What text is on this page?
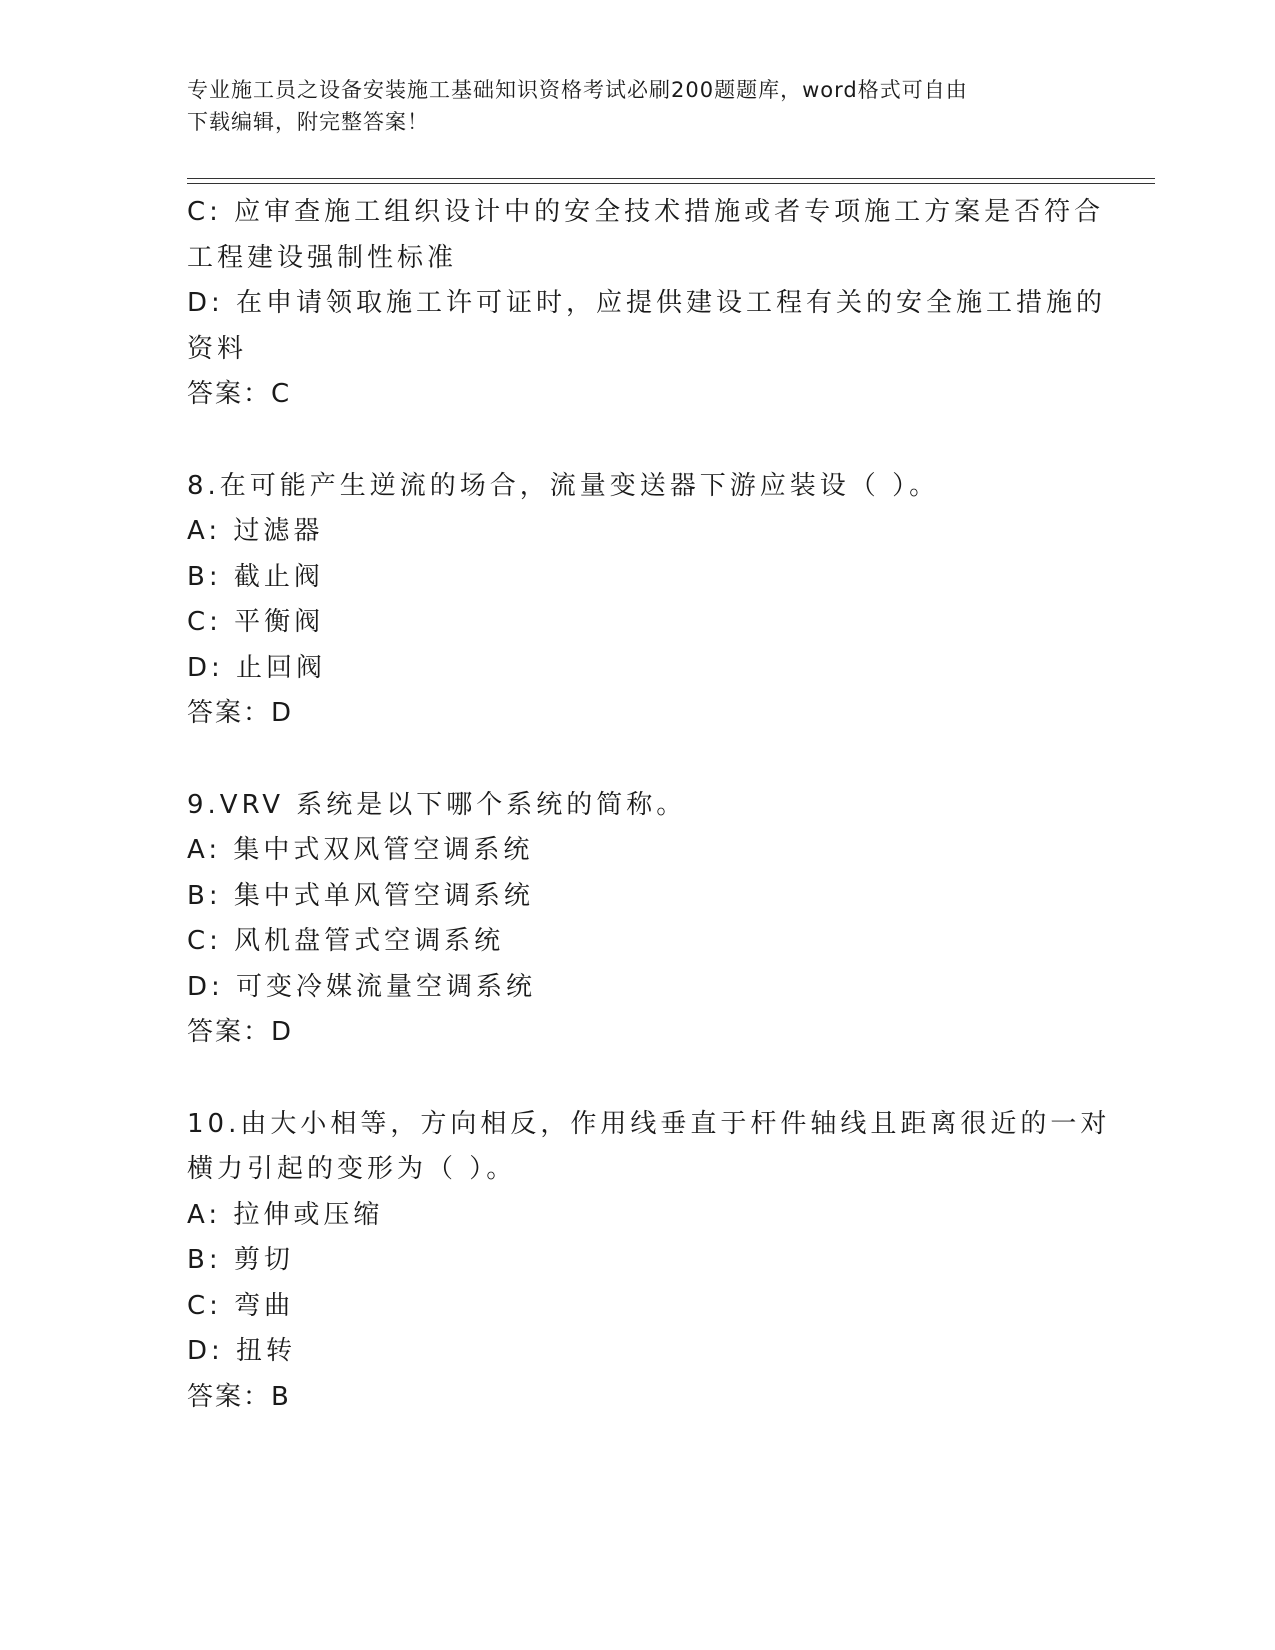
专业施工员之设备安装施工基础知识资格考试必刷200题题库，word格式可自由
下载编辑，附完整答案！
C: 应审查施工组织设计中的安全技术措施或者专项施工方案是否符合
工程建设强制性标准
D: 在申请领取施工许可证时，应提供建设工程有关的安全施工措施的
资料
答案：C
8.在可能产生逆流的场合，流量变送器下游应装设（ ）。
A: 过滤器
B: 截止阀
C: 平衡阀
D: 止回阀
答案：D
9.VRV 系统是以下哪个系统的简称。
A: 集中式双风管空调系统
B: 集中式单风管空调系统
C: 风机盘管式空调系统
D: 可变冷媒流量空调系统
答案：D
10.由大小相等，方向相反，作用线垂直于杆件轴线且距离很近的一对
横力引起的变形为（ ）。
A: 拉伸或压缩
B: 剪切
C: 弯曲
D: 扭转
答案：B
